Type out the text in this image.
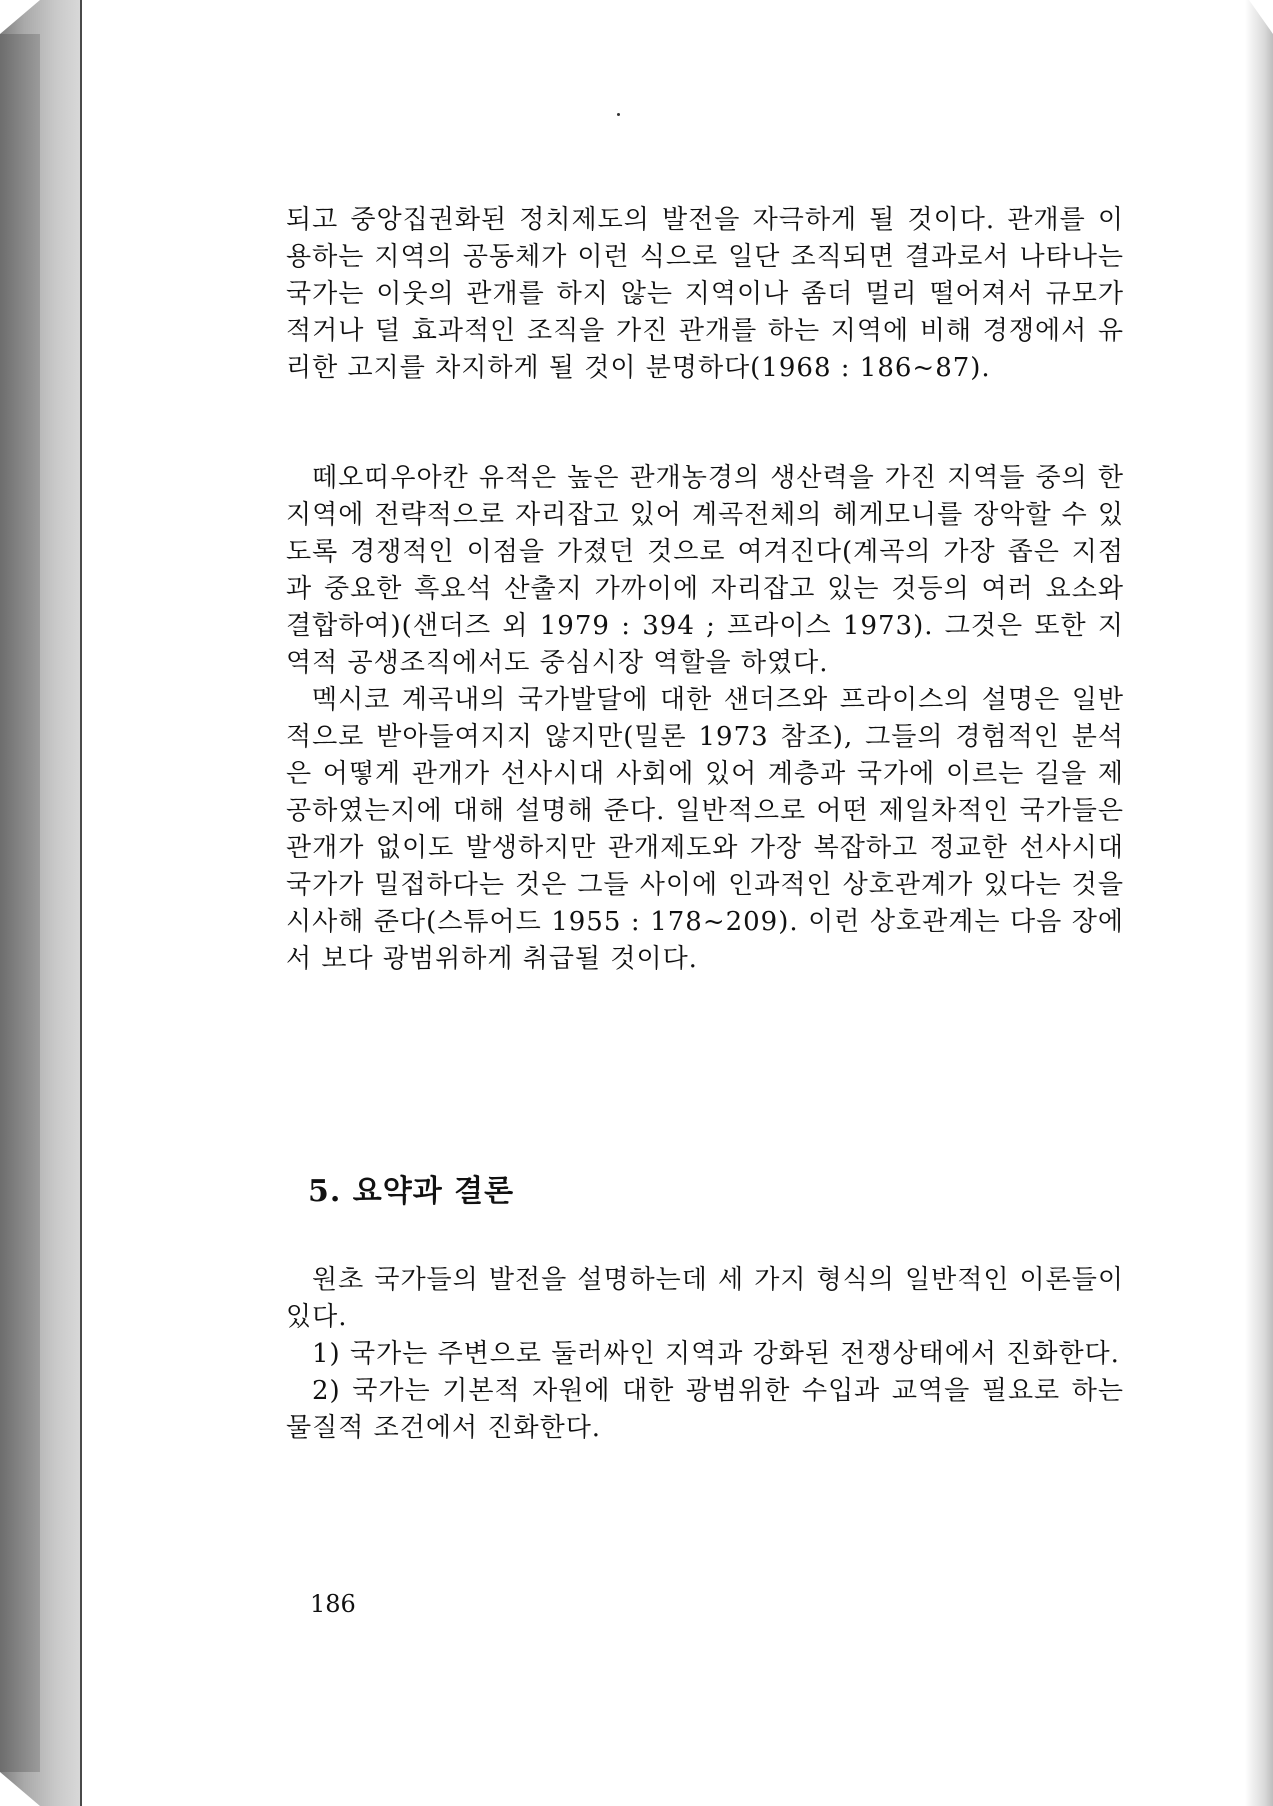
되고 중앙집권화된 정치제도의 발전을 자극하게 될 것이다. 관개를 이용하는 지역의 공동체가 이런 식으로 일단 조직되면 결과로서 나타나는 국가는 이웃의 관개를 하지 않는 지역이나 좀더 멀리 떨어져서 규모가 적거나 덜 효과적인 조직을 가진 관개를 하는 지역에 비해 경쟁에서 유리한 고지를 차지하게 될 것이 분명하다(1968 : 186~87).

떼오띠우아칸 유적은 높은 관개농경의 생산력을 가진 지역들 중의 한 지역에 전략적으로 자리잡고 있어 계곡전체의 헤게모니를 장악할 수 있도록 경쟁적인 이점을 가졌던 것으로 여겨진다(계곡의 가장 좁은 지점과 중요한 흑요석 산출지 가까이에 자리잡고 있는 것등의 여러 요소와 결합하여)(샌더즈 외 1979 : 394 ; 프라이스 1973). 그것은 또한 지역적 공생조직에서도 중심시장 역할을 하였다.

멕시코 계곡내의 국가발달에 대한 샌더즈와 프라이스의 설명은 일반적으로 받아들여지지 않지만(밀론 1973 참조), 그들의 경험적인 분석은 어떻게 관개가 선사시대 사회에 있어 계층과 국가에 이르는 길을 제공하였는지에 대해 설명해 준다. 일반적으로 어떤 제일차적인 국가들은 관개가 없이도 발생하지만 관개제도와 가장 복잡하고 정교한 선사시대 국가가 밀접하다는 것은 그들 사이에 인과적인 상호관계가 있다는 것을 시사해 준다(스튜어드 1955 : 178~209). 이런 상호관계는 다음 장에서 보다 광범위하게 취급될 것이다.

5. 요약과 결론

원초 국가들의 발전을 설명하는데 세 가지 형식의 일반적인 이론들이 있다.

1) 국가는 주변으로 둘러싸인 지역과 강화된 전쟁상태에서 진화한다.

2) 국가는 기본적 자원에 대한 광범위한 수입과 교역을 필요로 하는 물질적 조건에서 진화한다.

186
